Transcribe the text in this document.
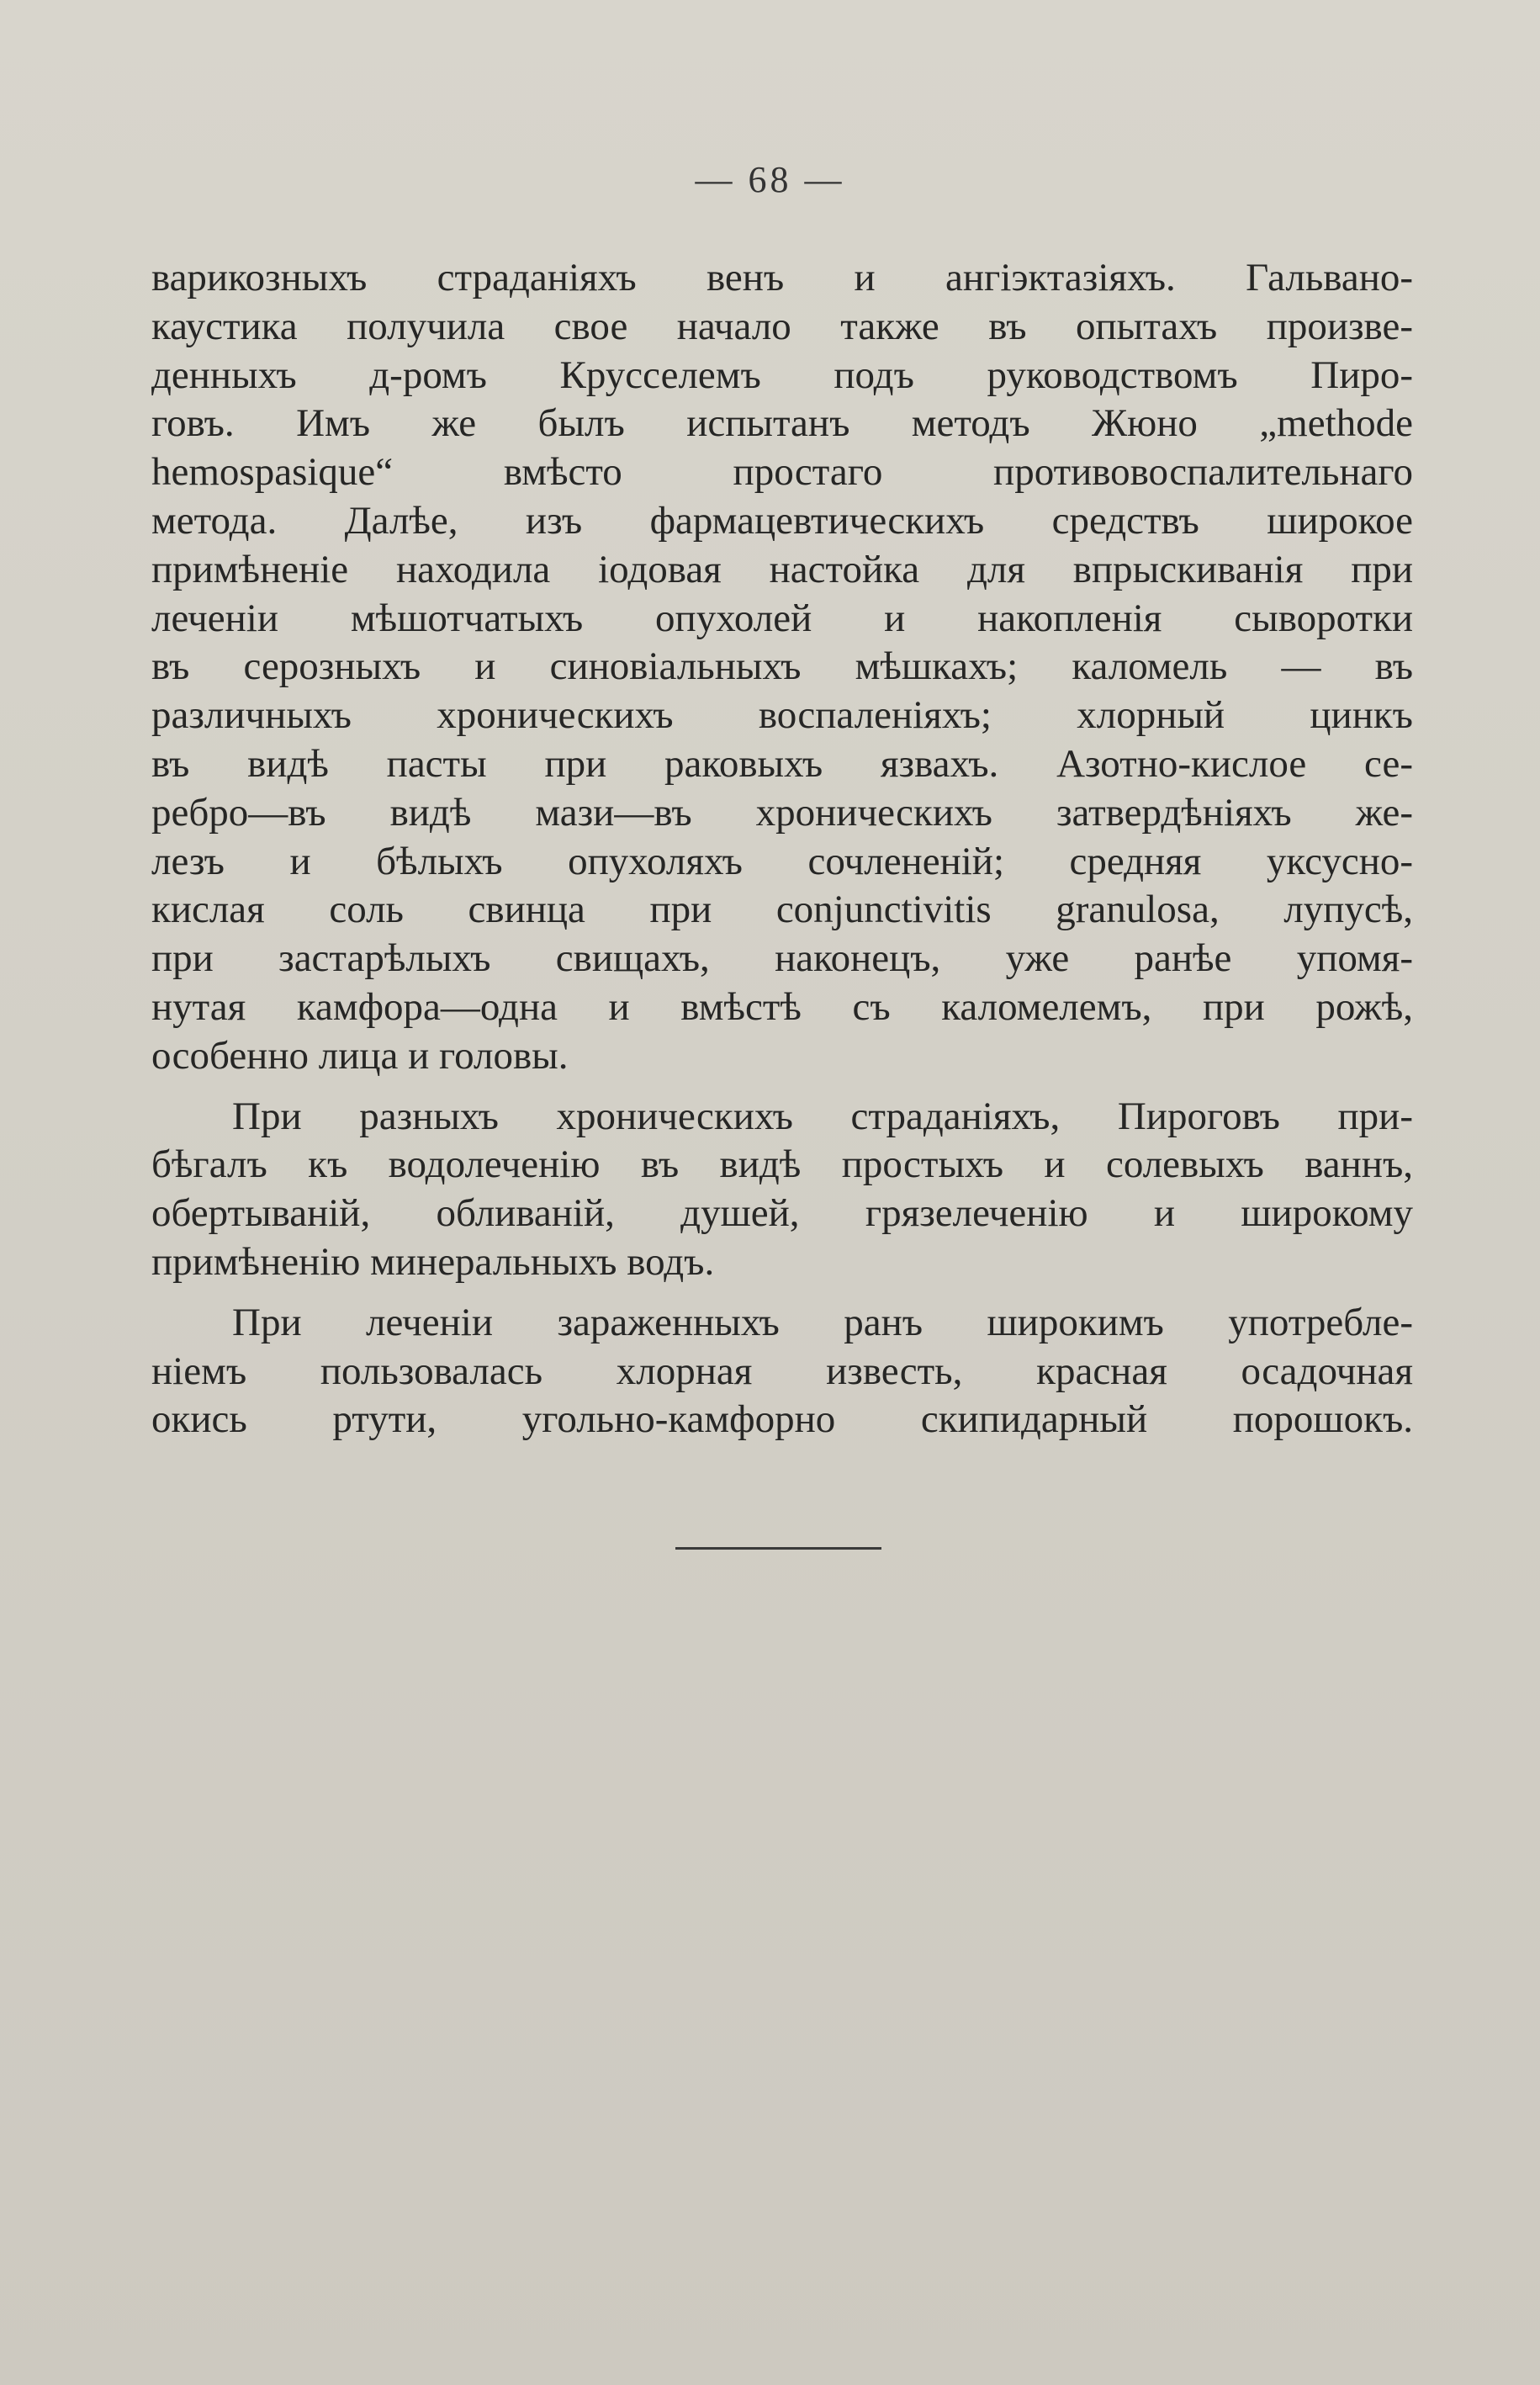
— 68 —
варикозныхъ страданіяхъ венъ и ангіэктазіяхъ. Гальвано-
каустика получила свое начало также въ опытахъ произве-
денныхъ д-ромъ Крусселемъ подъ руководствомъ Пиро-
говъ. Имъ же былъ испытанъ методъ Жюно „methode
hemospasique“ вмѣсто простаго противовоспалительнаго
метода. Далѣе, изъ фармацевтическихъ средствъ широкое
примѣненіе находила іодовая настойка для впрыскиванія при
леченіи мѣшотчатыхъ опухолей и накопленія сыворотки
въ серозныхъ и синовіальныхъ мѣшкахъ; каломель — въ
различныхъ хроническихъ воспаленіяхъ; хлорный цинкъ
въ видѣ пасты при раковыхъ язвахъ. Азотно-кислое се-
ребро—въ видѣ мази—въ хроническихъ затвердѣніяхъ же-
лезъ и бѣлыхъ опухоляхъ сочлененій; средняя уксусно-
кислая соль свинца при conjunctivitis granulosa, лупусѣ,
при застарѣлыхъ свищахъ, наконецъ, уже ранѣе упомя-
нутая камфора—одна и вмѣстѣ съ каломелемъ, при рожѣ,
особенно лица и головы.
При разныхъ хроническихъ страданіяхъ, Пироговъ при-
бѣгалъ къ водолеченію въ видѣ простыхъ и солевыхъ ваннъ,
обертываній, обливаній, душей, грязелеченію и широкому
примѣненію минеральныхъ водъ.
При леченіи зараженныхъ ранъ широкимъ употребле-
ніемъ пользовалась хлорная известь, красная осадочная
окись ртути, угольно-камфорно скипидарный порошокъ.
